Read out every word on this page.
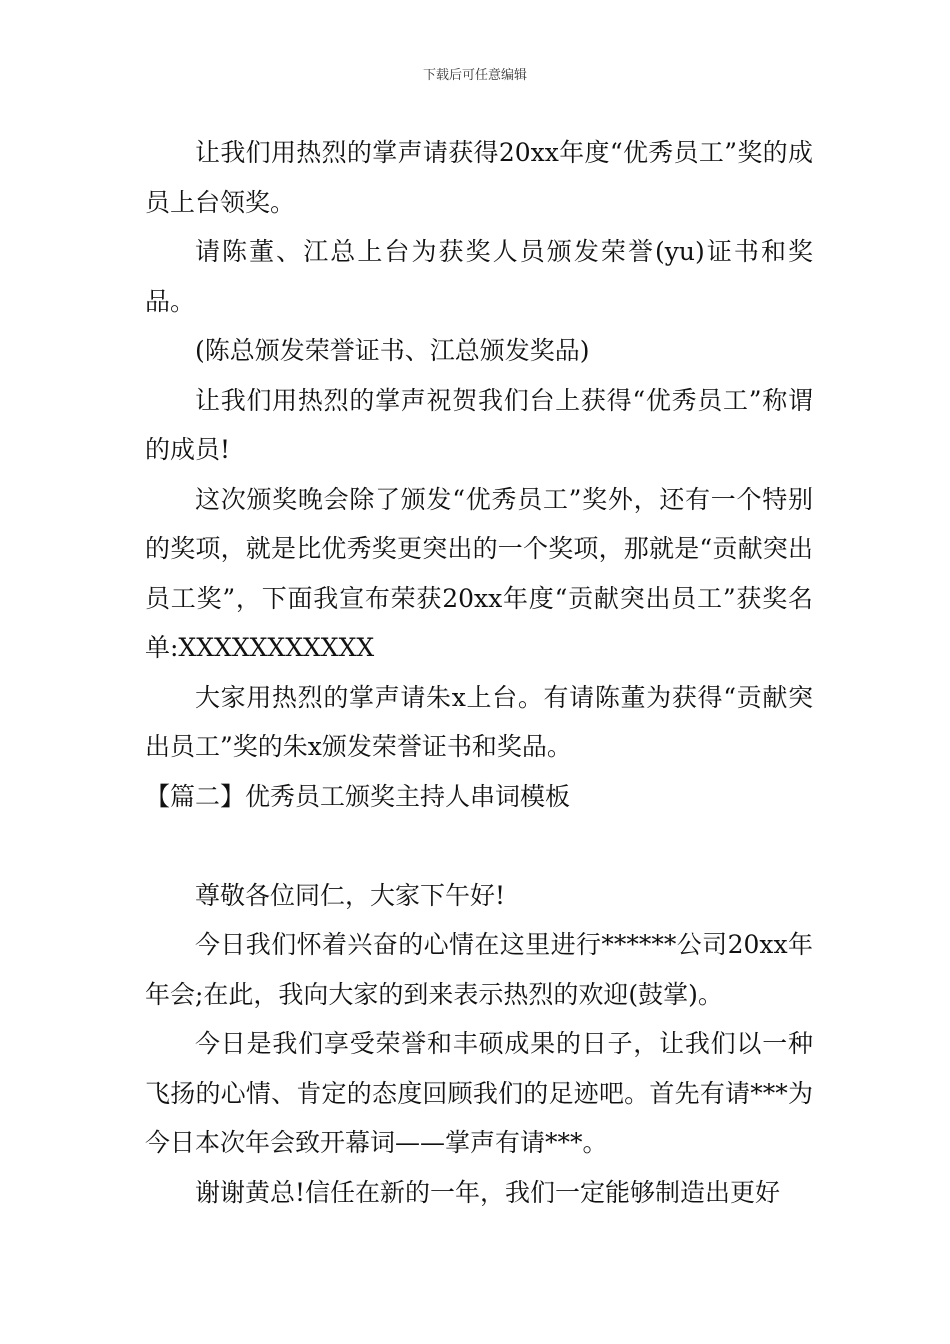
下载后可任意编辑

让我们用热烈的掌声请获得20xx年度“优秀员工”奖的成员上台领奖。

请陈董、江总上台为获奖人员颁发荣誉(yu)证书和奖品。

(陈总颁发荣誉证书、江总颁发奖品)

让我们用热烈的掌声祝贺我们台上获得“优秀员工”称谓的成员!

这次颁奖晚会除了颁发“优秀员工”奖外，还有一个特别的奖项，就是比优秀奖更突出的一个奖项，那就是“贡献突出员工奖”，下面我宣布荣获20xx年度“贡献突出员工”获奖名单:XXXXXXXXXXX

大家用热烈的掌声请朱x上台。有请陈董为获得“贡献突出员工”奖的朱x颁发荣誉证书和奖品。

【篇二】优秀员工颁奖主持人串词模板

尊敬各位同仁，大家下午好!

今日我们怀着兴奋的心情在这里进行******公司20xx年年会;在此，我向大家的到来表示热烈的欢迎(鼓掌)。

今日是我们享受荣誉和丰硕成果的日子，让我们以一种飞扬的心情、肯定的态度回顾我们的足迹吧。首先有请***为今日本次年会致开幕词——掌声有请***。

谢谢黄总!信任在新的一年，我们一定能够制造出更好
